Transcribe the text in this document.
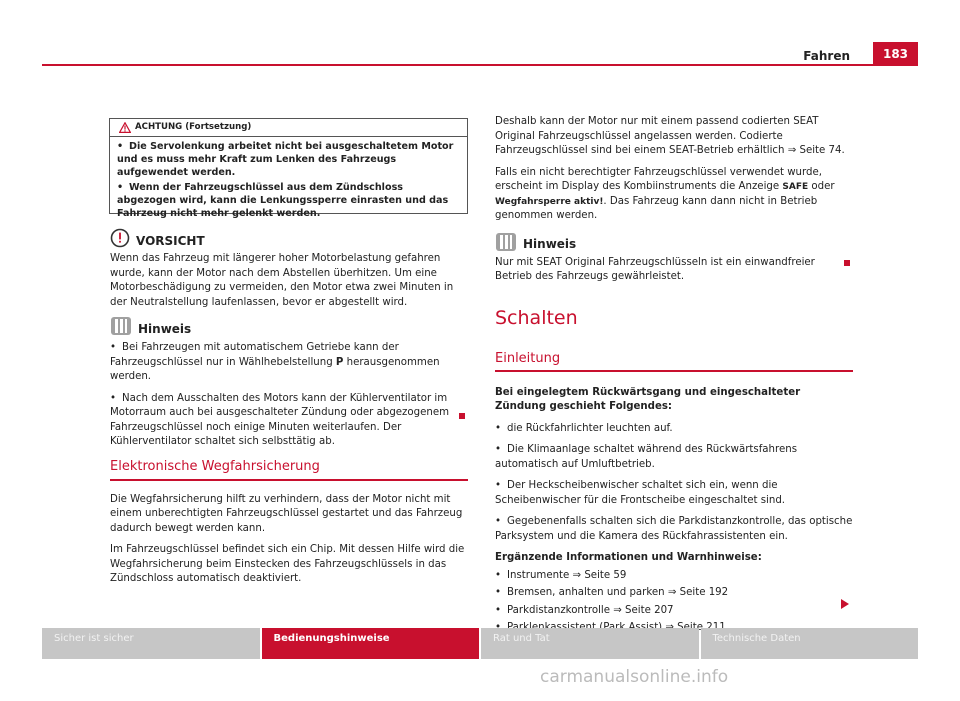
Fahren	183
ACHTUNG (Fortsetzung)

• Die Servolenkung arbeitet nicht bei ausgeschaltetem Motor und es muss mehr Kraft zum Lenken des Fahrzeugs aufgewendet werden.

• Wenn der Fahrzeugschlüssel aus dem Zündschloss abgezogen wird, kann die Lenkungssperre einrasten und das Fahrzeug nicht mehr gelenkt werden.

VORSICHT

Wenn das Fahrzeug mit längerer hoher Motorbelastung gefahren wurde, kann der Motor nach dem Abstellen überhitzen. Um eine Motorbeschädigung zu vermeiden, den Motor etwa zwei Minuten in der Neutralstellung laufenlassen, bevor er abgestellt wird.

Hinweis

• Bei Fahrzeugen mit automatischem Getriebe kann der Fahrzeugschlüssel nur in Wählhebelstellung P herausgenommen werden.

• Nach dem Ausschalten des Motors kann der Kühlerventilator im Motorraum auch bei ausgeschalteter Zündung oder abgezogenem Fahrzeugschlüssel noch einige Minuten weiterlaufen. Der Kühlerventilator schaltet sich selbsttätig ab.

Elektronische Wegfahrsicherung

Die Wegfahrsicherung hilft zu verhindern, dass der Motor nicht mit einem unberechtigten Fahrzeugschlüssel gestartet und das Fahrzeug dadurch bewegt werden kann.

Im Fahrzeugschlüssel befindet sich ein Chip. Mit dessen Hilfe wird die Wegfahrsicherung beim Einstecken des Fahrzeugschlüssels in das Zündschloss automatisch deaktiviert.

Deshalb kann der Motor nur mit einem passend codierten SEAT Original Fahrzeugschlüssel angelassen werden. Codierte Fahrzeugschlüssel sind bei einem SEAT-Betrieb erhältlich ⇒ Seite 74.

Falls ein nicht berechtigter Fahrzeugschlüssel verwendet wurde, erscheint im Display des Kombiinstruments die Anzeige SAFE oder Wegfahrsperre aktiv!. Das Fahrzeug kann dann nicht in Betrieb genommen werden.

Hinweis

Nur mit SEAT Original Fahrzeugschlüsseln ist ein einwandfreier Betrieb des Fahrzeugs gewährleistet.

Schalten
Einleitung

Bei eingelegtem Rückwärtsgang und eingeschalteter Zündung geschieht Folgendes:

• die Rückfahrlichter leuchten auf.

• Die Klimaanlage schaltet während des Rückwärtsfahrens automatisch auf Umluftbetrieb.

• Der Heckscheibenwischer schaltet sich ein, wenn die Scheibenwischer für die Frontscheibe eingeschaltet sind.

• Gegebenenfalls schalten sich die Parkdistanzkontrolle, das optische Parksystem und die Kamera des Rückfahrassistenten ein.

Ergänzende Informationen und Warnhinweise:

• Instrumente ⇒ Seite 59

• Bremsen, anhalten und parken ⇒ Seite 192

• Parkdistanzkontrolle ⇒ Seite 207

•

Sicher ist sicher	Bedienungshinweise	Rat und Tat	Technische Daten
carmanualsonline.info
